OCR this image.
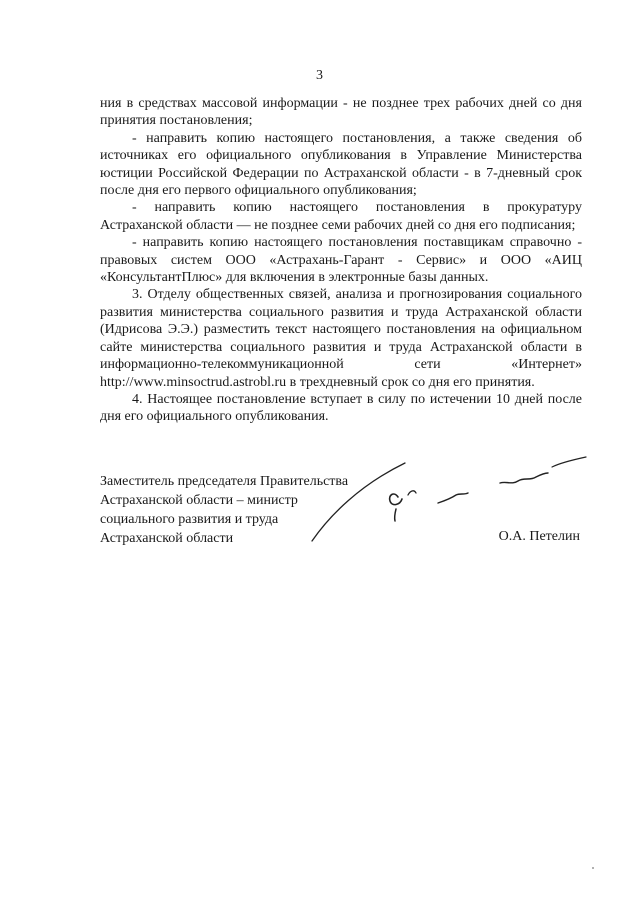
3

ния в средствах массовой информации - не позднее трех рабочих дней со дня принятия постановления;

- направить копию настоящего постановления, а также сведения об источниках его официального опубликования в Управление Министерства юстиции Российской Федерации по Астраханской области - в 7-дневный срок после дня его первого официального опубликования;

- направить копию настоящего постановления в прокуратуру Астраханской области — не позднее семи рабочих дней со дня его подписания;

- направить копию настоящего постановления поставщикам справочно - правовых систем ООО «Астрахань-Гарант - Сервис» и ООО «АИЦ «КонсультантПлюс» для включения в электронные базы данных.

3. Отделу общественных связей, анализа и прогнозирования социального развития министерства социального развития и труда Астраханской области (Идрисова Э.Э.) разместить текст настоящего постановления на официальном сайте министерства социального развития и труда Астраханской области в информационно-телекоммуникационной сети «Интернет» http://www.minsoctrud.astrobl.ru в трехдневный срок со дня его принятия.

4. Настоящее постановление вступает в силу по истечении 10 дней после дня его официального опубликования.

Заместитель председателя Правительства
Астраханской области – министр
социального развития и труда
Астраханской области	О.А. Петелин
